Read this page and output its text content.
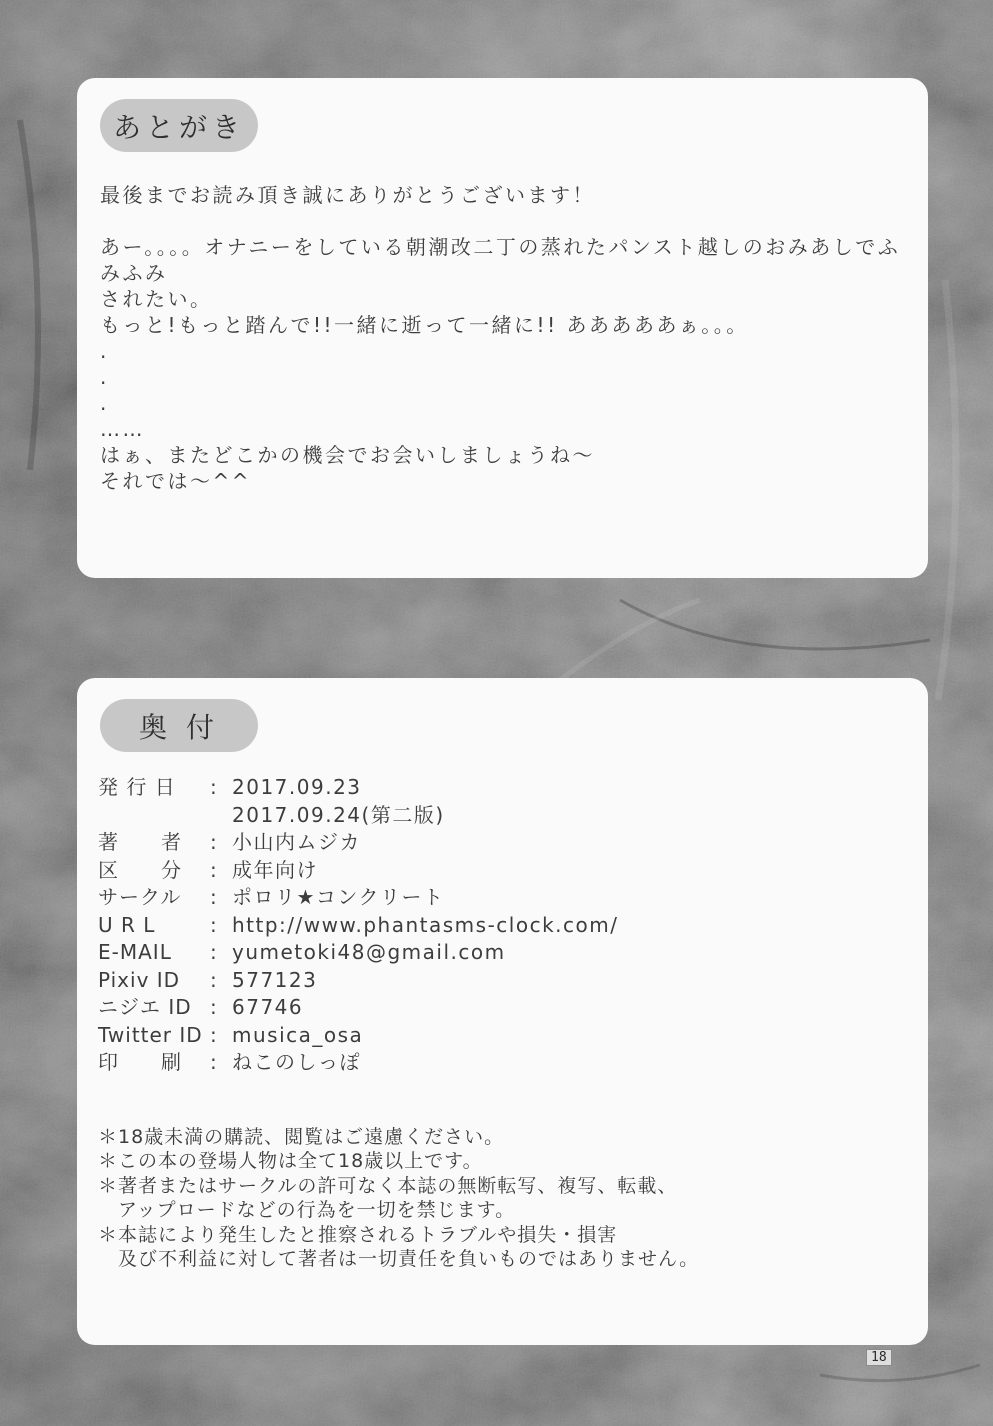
あとがき
最後までお読み頂き誠にありがとうございます！
あー。。。。オナニーをしている朝潮改二丁の蒸れたパンスト越しのおみあしでふみふみ
されたい。
もっと!もっと踏んで!!一緒に逝って一緒に!! あああああぁ。。。
.
.
.
……
はぁ、またどこかの機会でお会いしましょうね～
それでは～^^
奥 付
発 行 日	: 2017.09.23
2017.09.24(第二版)
著　　者	: 小山内ムジカ
区　　分	: 成年向け
サークル	: ポロリ★コンクリート
U R L	: http://www.phantasms-clock.com/
E-MAIL	: yumetoki48@gmail.com
Pixiv ID	: 577123
ニジエ ID : 67746
Twitter ID : musica_osa
印　　刷	: ねこのしっぽ
＊18歳未満の購読、閲覧はご遠慮ください。
＊この本の登場人物は全て18歳以上です。
＊著者またはサークルの許可なく本誌の無断転写、複写、転載、
　アップロードなどの行為を一切を禁じます。
＊本誌により発生したと推察されるトラブルや損失・損害
　及び不利益に対して著者は一切責任を負いものではありません。
18
